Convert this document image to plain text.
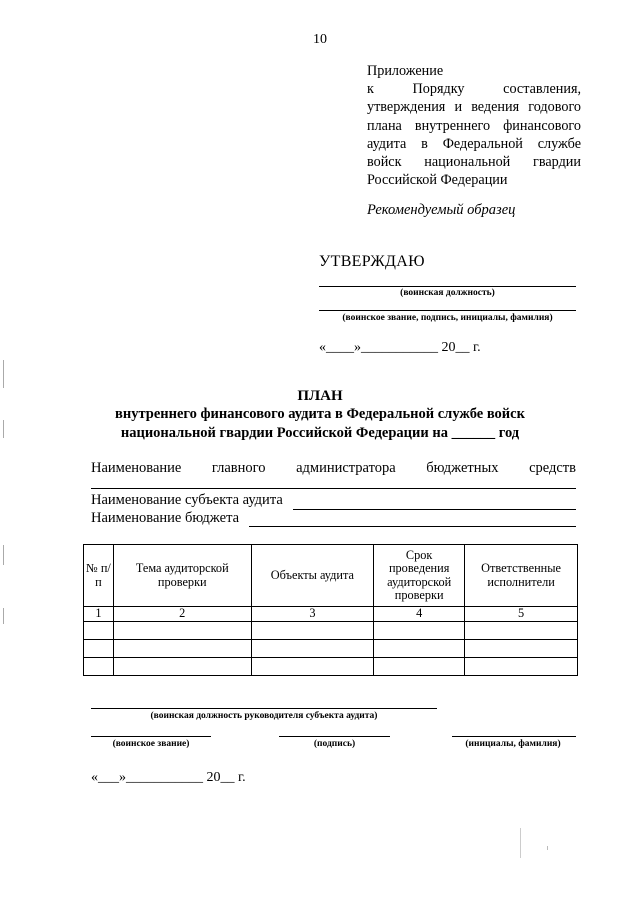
10
Приложение
к	Порядку	составления,
утверждения и ведения годового
плана внутреннего финансового
аудита в Федеральной службе
войск национальной гвардии
Российской Федерации
Рекомендуемый образец
УТВЕРЖДАЮ
(воинская должность)
(воинское звание, подпись, инициалы, фамилия)
«____»___________ 20__ г.
ПЛАН
внутреннего финансового аудита в Федеральной службе войск
национальной гвардии Российской Федерации на ______ год
Наименование главного администратора бюджетных средств
Наименование субъекта аудита
Наименование бюджета
№ п/п	Тема аудиторской проверки	Объекты аудита	Срок проведения аудиторской проверки	Ответственные исполнители
1	2	3	4	5

(воинская должность руководителя субъекта аудита)
(воинское звание)	(подпись)	(инициалы, фамилия)
«___»___________ 20__ г.
